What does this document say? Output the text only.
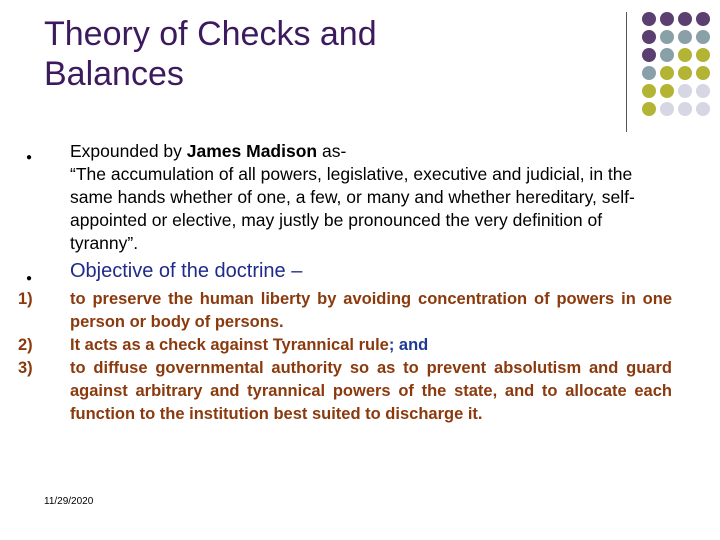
Theory of Checks and
Balances
● Expounded by James Madison as-
“The accumulation of all powers, legislative, executive and judicial, in the same hands whether of one, a few, or many and whether hereditary, self-appointed or elective, may justly be pronounced the very definition of tyranny”.
● Objective of the doctrine –
1)	to preserve the human liberty by avoiding concentration of powers in one person or body of persons.
2)	It acts as a check against Tyrannical rule; and
3)	to diffuse governmental authority so as to prevent absolutism and guard against arbitrary and tyrannical powers of the state, and to allocate each function to the institution best suited to discharge it.
11/29/2020
